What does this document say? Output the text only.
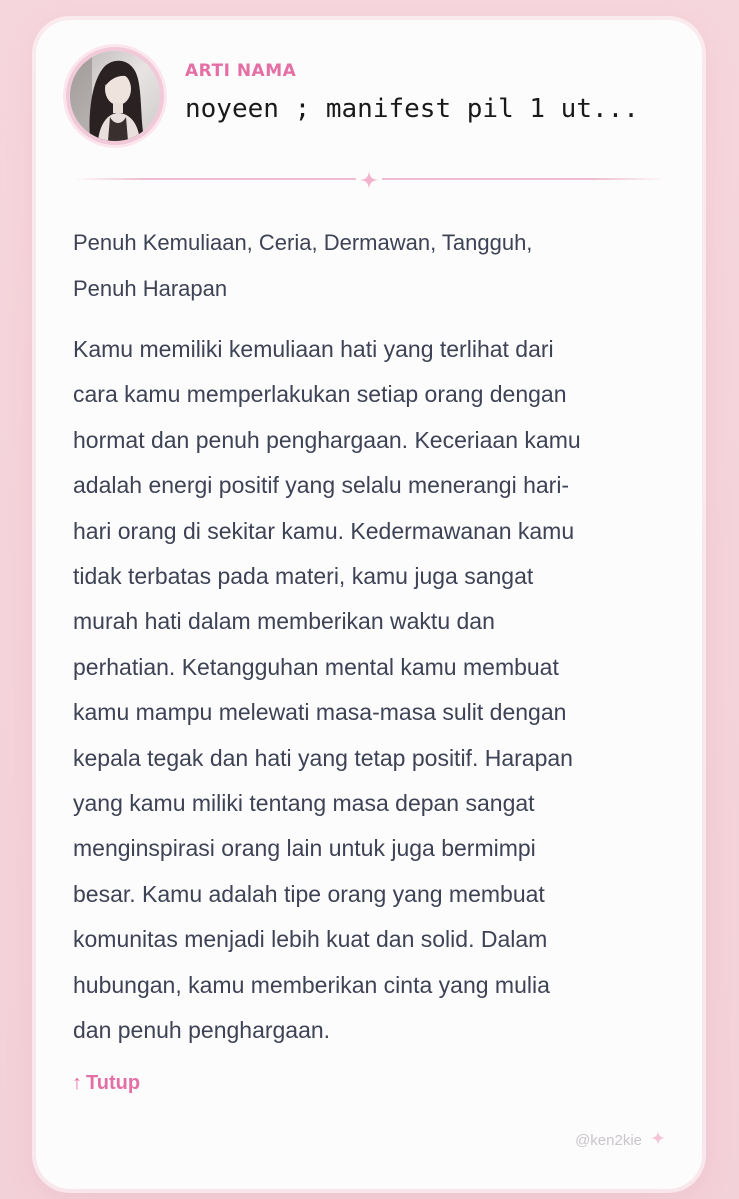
ARTI NAMA
noyeen ; manifest pil 1 ut...
Penuh Kemuliaan, Ceria, Dermawan, Tangguh,
Penuh Harapan
Kamu memiliki kemuliaan hati yang terlihat dari
cara kamu memperlakukan setiap orang dengan
hormat dan penuh penghargaan. Keceriaan kamu
adalah energi positif yang selalu menerangi hari-
hari orang di sekitar kamu. Kedermawanan kamu
tidak terbatas pada materi, kamu juga sangat
murah hati dalam memberikan waktu dan
perhatian. Ketangguhan mental kamu membuat
kamu mampu melewati masa-masa sulit dengan
kepala tegak dan hati yang tetap positif. Harapan
yang kamu miliki tentang masa depan sangat
menginspirasi orang lain untuk juga bermimpi
besar. Kamu adalah tipe orang yang membuat
komunitas menjadi lebih kuat dan solid. Dalam
hubungan, kamu memberikan cinta yang mulia
dan penuh penghargaan.
↑ Tutup
@ken2kie
